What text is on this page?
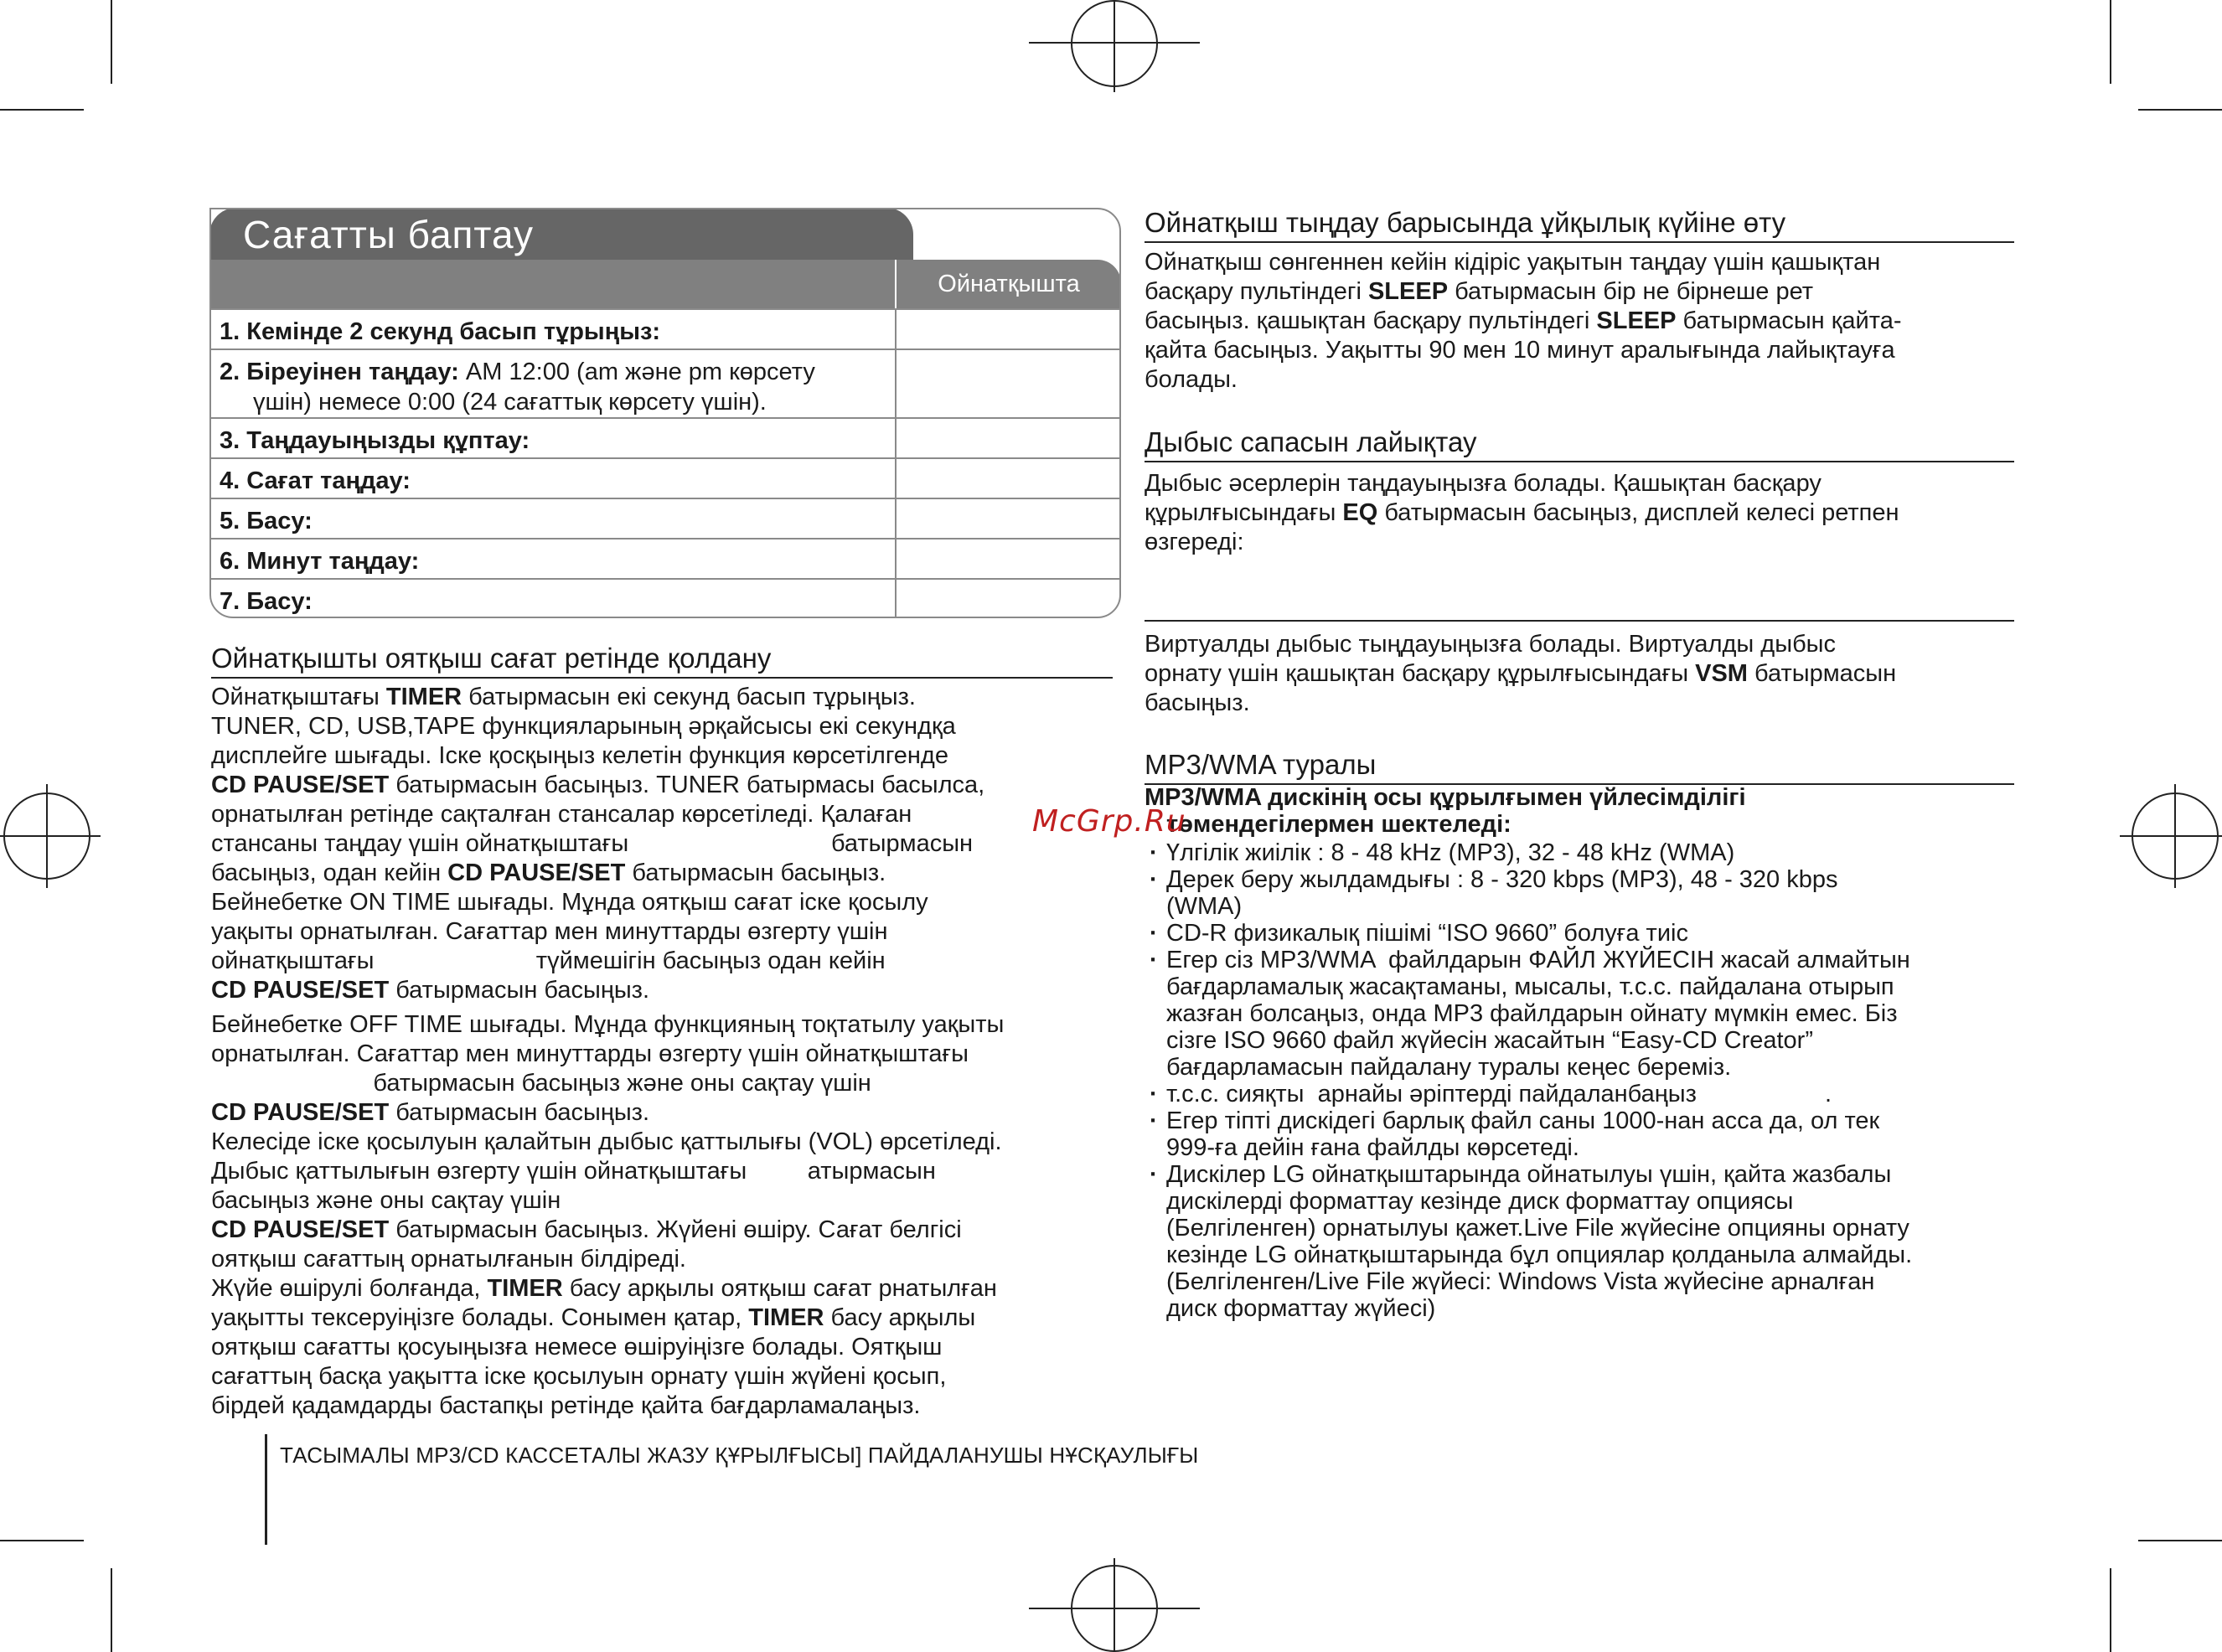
Сағатты баптау
Ойнатқышта
1. Кемінде 2 секунд басып тұрыңыз:
2. Біреуінен таңдау: AM 12:00 (am және pm көрсету
үшін) немесе 0:00 (24 сағаттық көрсету үшін).
3. Таңдауыңызды құптау:
4. Сағат таңдау:
5. Басу:
6. Минут таңдау:
7. Басу:
Ойнатқышты оятқыш сағат ретінде қолдану

Ойнатқыштағы TIMER батырмасын екі секунд басып тұрыңыз.

TUNER, CD, USB,TAPE функцияларының әрқайсысы екі секундқа

дисплейге шығады. Іске қосқыңыз келетін функция көрсетілгенде

CD PAUSE/SET батырмасын басыңыз. TUNER батырмасы басылса,

орнатылған ретінде сақталған стансалар көрсетіледі. Қалаған

стансаны таңдау үшін ойнатқыштағы                              батырмасын

басыңыз, одан кейін CD PAUSE/SET батырмасын басыңыз.

Бейнебетке ON TIME шығады. Мұнда оятқыш сағат іске қосылу

уақыты орнатылған. Сағаттар мен минуттарды өзгерту үшін

ойнатқыштағы                        түймешігін басыңыз одан кейін

CD PAUSE/SET батырмасын басыңыз.

Бейнебетке OFF TIME шығады. Мұнда функцияның тоқтатылу уақыты

орнатылған. Сағаттар мен минуттарды өзгерту үшін ойнатқыштағы

батырмасын басыңыз және оны сақтау үшін

CD PAUSE/SET батырмасын басыңыз.

Келесіде іске қосылуын қалайтын дыбыс қаттылығы (VOL) өрсетіледі.

Дыбыс қаттылығын өзгерту үшін ойнатқыштағы         атырмасын

басыңыз және оны сақтау үшін

CD PAUSE/SET батырмасын басыңыз. Жүйені өшіру. Сағат белгісі

оятқыш сағаттың орнатылғанын білдіреді.

Жүйе өшірулі болғанда, TIMER басу арқылы оятқыш сағат рнатылған

уақытты тексеруіңізге болады. Сонымен қатар, TIMER басу арқылы

оятқыш сағатты қосуыңызға немесе өшіруіңізге болады. Оятқыш

сағаттың басқа уақытта іске қосылуын орнату үшін жүйені қосып,

бірдей қадамдарды бастапқы ретінде қайта бағдарламалаңыз.

Ойнатқыш тыңдау барысында ұйқылық күйіне өту

Ойнатқыш сөнгеннен кейін кідіріс уақытын таңдау үшін қашықтан

басқару пультіндегі SLEEP батырмасын бір не бірнеше рет

басыңыз. қашықтан басқару пультіндегі SLEEP батырмасын қайта-

қайта басыңыз. Уақытты 90 мен 10 минут аралығында лайықтауға

болады.

Дыбыс сапасын лайықтау

Дыбыс әсерлерін таңдауыңызға болады. Қашықтан басқару

құрылғысындағы EQ батырмасын басыңыз, дисплей келесі ретпен

өзгереді:

Виртуалды дыбыс тыңдауыңызға болады. Виртуалды дыбыс

орнату үшін қашықтан басқару құрылғысындағы VSM батырмасын

басыңыз.

MP3/WMA туралы
MP3/WMA дискінің осы құрылғымен үйлесімділігі
төмендегілермен шектеледі:
· Үлгілік жиілік : 8 - 48 kHz (MP3), 32 - 48 kHz (WMA)
· Дерек беру жылдамдығы : 8 - 320 kbps (MP3), 48 - 320 kbps
(WMA)
· CD-R физикалық пішімі “ISO 9660” болуға тиіс
· Егер сіз MP3/WMA  файлдарын ФАЙЛ ЖҮЙЕСІН жасай алмайтын
бағдарламалық жасақтаманы, мысалы, т.с.с. пайдалана отырып
жазған болсаңыз, онда MP3 файлдарын ойнату мүмкін емес. Біз
сізге ISO 9660 файл жүйесін жасайтын “Easy-CD Creator”
бағдарламасын пайдалану туралы кеңес береміз.
· т.с.с. сияқты  арнайы әріптерді пайдаланбаңыз                   .
· Егер тіпті дискідегі барлық файл саны 1000-нан асса да, ол тек
999-ға дейін ғана файлды көрсетеді.
· Дискілер LG ойнатқыштарында ойнатылуы үшін, қайта жазбалы
дискілерді форматтау кезінде диск форматтау опциясы
(Белгіленген) орнатылуы қажет.Live File жүйесіне опцияны орнату
кезінде LG ойнатқыштарында бұл опциялар қолданыла алмайды.
(Белгіленген/Live File жүйесі: Windows Vista жүйесіне арналған
диск форматтау жүйесі)
McGrp.Ru
ТАСЫМАЛЫ MP3/CD КАССЕТАЛЫ ЖАЗУ ҚҰРЫЛҒЫСЫ] ПАЙДАЛАНУШЫ НҰСҚАУЛЫҒЫ
